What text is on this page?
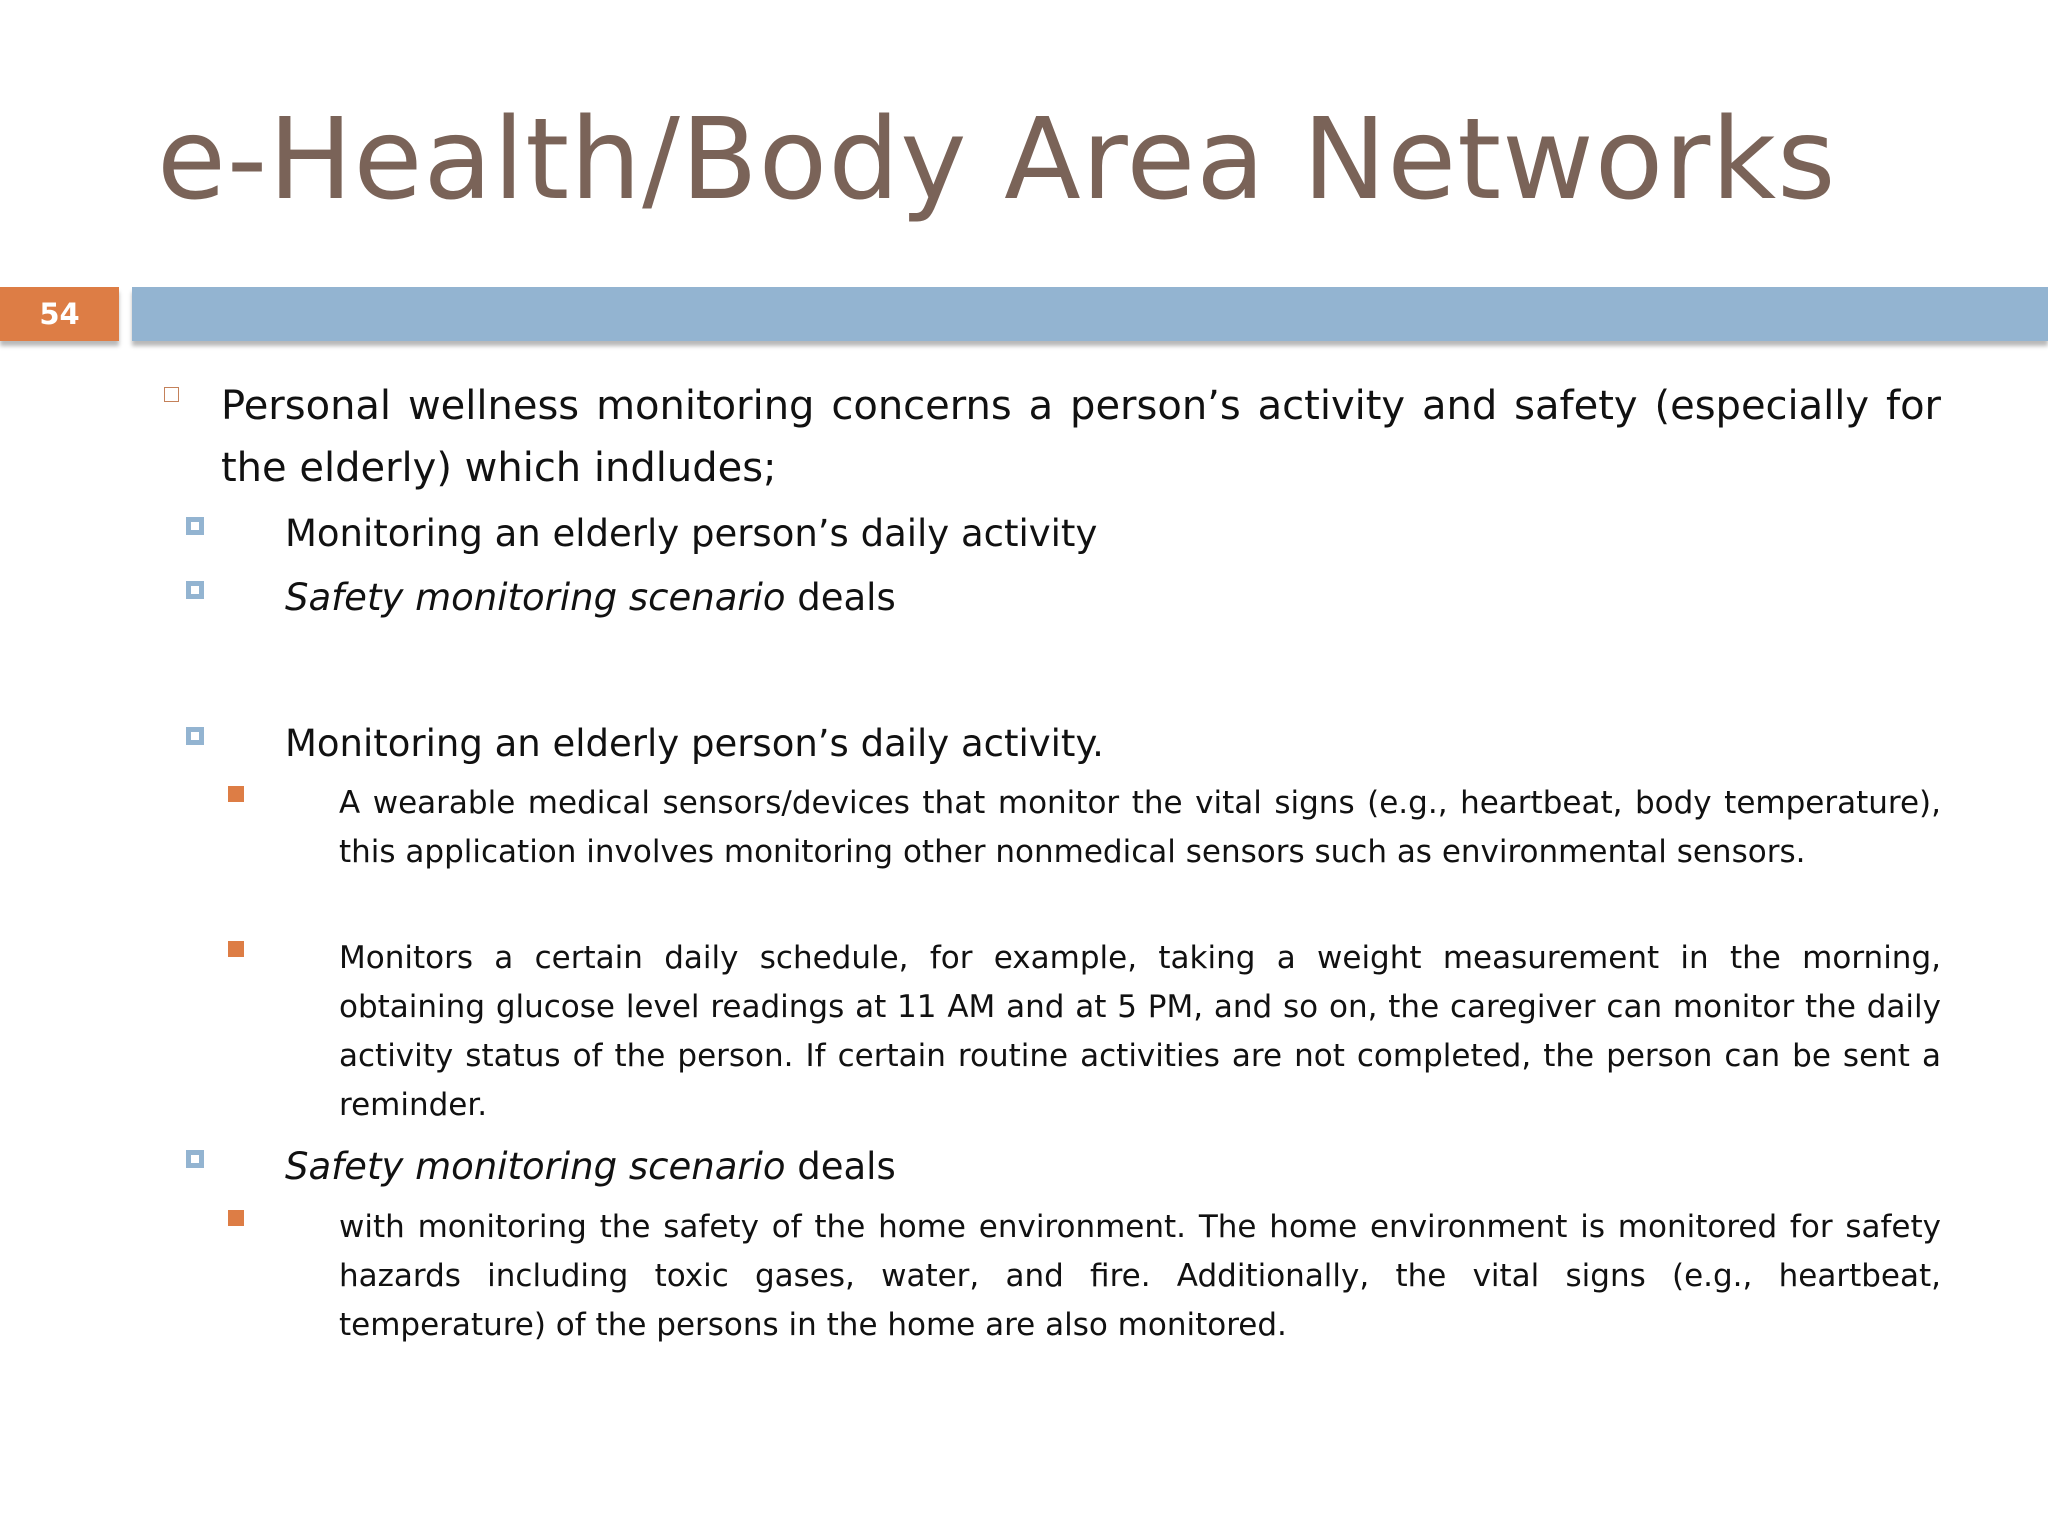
e-Health/Body Area Networks
54
Personal wellness monitoring concerns a person’s activity and safety (especially for the elderly) which indludes;
Monitoring an elderly person’s daily activity
Safety monitoring scenario deals
Monitoring an elderly person’s daily activity.
A wearable medical sensors/devices that monitor the vital signs (e.g., heartbeat, body temperature), this application involves monitoring other nonmedical sensors such as environmental sensors.
Monitors a certain daily schedule, for example, taking a weight measurement in the morning, obtaining glucose level readings at 11 AM and at 5 PM, and so on, the caregiver can monitor the daily activity status of the person. If certain routine activities are not completed, the person can be sent a reminder.
Safety monitoring scenario deals
with monitoring the safety of the home environment. The home environment is monitored for safety hazards including toxic gases, water, and fire. Additionally, the vital signs (e.g., heartbeat, temperature) of the persons in the home are also monitored.
